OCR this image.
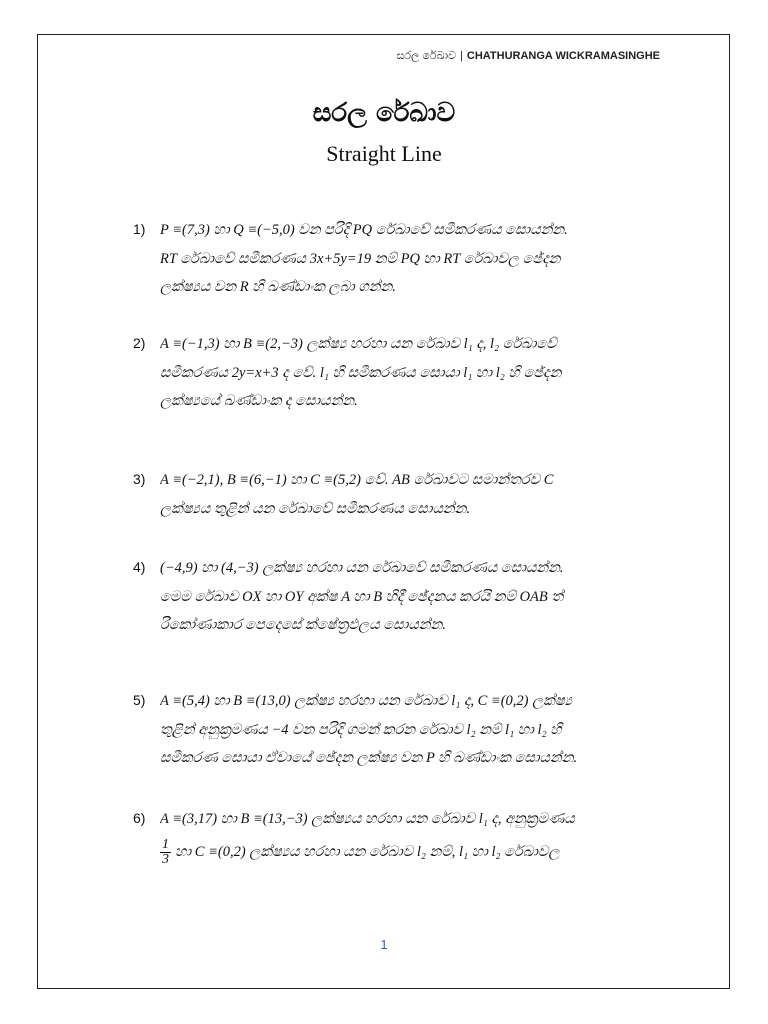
සරල රේඛාව | CHATHURANGA WICKRAMASINGHE
සරල රේඛාව
Straight Line
1) P ≡(7,3) හා Q ≡(−5,0) වන පරිදි PQ රේඛාවේ සමීකරණය සොයන්න.
RT රේඛාවේ සමීකරණය 3x+5y=19 නම් PQ හා RT රේඛාවල ඡේදන
ලක්ෂ්‍යය වන R හි ඛණ්ඩාංක ලබා ගන්න.
2) A ≡(−1,3) හා B ≡(2,−3) ලක්ෂ්‍ය හරහා යන රේඛාව l₁ ද, l₂ රේඛාවේ
සමීකරණය 2y=x+3 ද වේ. l₁ හි සමීකරණය සොයා l₁ හා l₂ හි ඡේදන
ලක්ෂ්‍යයේ ඛණ්ඩාංක ද සොයන්න.
3) A ≡(−2,1), B ≡(6,−1) හා C ≡(5,2) වේ. AB රේඛාවට සමාන්තරව C
ලක්ෂ්‍යය තුළින් යන රේඛාවේ සමීකරණය සොයන්න.
4) (−4,9) හා (4,−3) ලක්ෂ්‍ය හරහා යන රේඛාවේ සමීකරණය සොයන්න.
මෙම රේඛාව OX හා OY අක්ෂ A හා B හිදී ඡේදනය කරයි නම් OAB ත්
රිකෝණාකාර පෙදෙසේ ක්ෂේත්‍රඵලය සොයන්න.
5) A ≡(5,4) හා B ≡(13,0) ලක්ෂ්‍ය හරහා යන රේඛාව l₁ ද, C ≡(0,2) ලක්ෂ්‍ය
තුළින් අනුක්‍රමණය −4 වන පරිදි ගමන් කරන රේඛාව l₂ නම් l₁ හා l₂ හි
සමීකරණ සොයා ඒවායේ ඡේදන ලක්ෂ්‍ය වන P හි ඛණ්ඩාංක සොයන්න.
6) A ≡(3,17) හා B ≡(13,−3) ලක්ෂ්‍යය හරහා යන රේඛාව l₁ ද, අනුක්‍රමණය
$\frac{1}{3}$ හා C ≡(0,2) ලක්ෂ්‍යය හරහා යන රේඛාව l₂ නම්, l₁ හා l₂ රේඛාවල
1
